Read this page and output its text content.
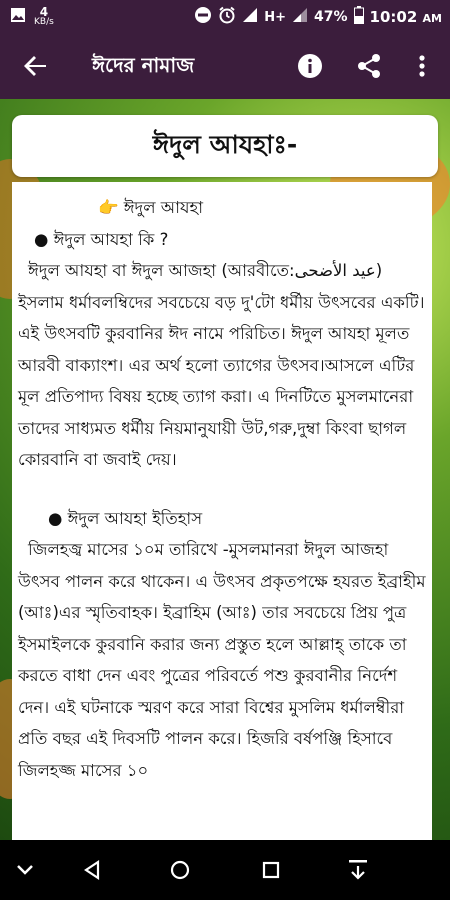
4
KB/s	H+ 47% 10:02 AM
ঈদের নামাজ
ঈদুল আযহাঃ-

👉 ঈদুল আযহা

● ঈদুল আযহা কি ?

ঈদুল আযহা বা ঈদুল আজহা (আরবীতে:عيد الأضحى) ইসলাম ধর্মাবলম্বিদের সবচেয়ে বড় দু'টো ধর্মীয় উৎসবের একটি। এই উৎসবটি কুরবানির ঈদ নামে পরিচিত। ঈদুল আযহা মূলত আরবী বাক্যাংশ। এর অর্থ হলো ত্যাগের উৎসব।আসলে এটির মূল প্রতিপাদ্য বিষয় হচ্ছে ত্যাগ করা। এ দিনটিতে মুসলমানেরা তাদের সাধ্যমত ধর্মীয় নিয়মানুযায়ী উট,গরু,দুম্বা কিংবা ছাগল কোরবানি বা জবাই দেয়।

● ঈদুল আযহা ইতিহাস

জিলহজ্ব মাসের ১০ম তারিখে -মুসলমানরা ঈদুল আজহা উৎসব পালন করে থাকেন। এ উৎসব প্রকৃতপক্ষে হযরত ইব্রাহীম (আঃ)এর স্মৃতিবাহক। ইব্রাহিম (আঃ) তার সবচেয়ে প্রিয় পুত্র ইসমাইলকে কুরবানি করার জন্য প্রস্তুত হলে আল্লাহ্ তাকে তা করতে বাধা দেন এবং পুত্রের পরিবর্তে পশু কুরবানীর নির্দেশ দেন। এই ঘটনাকে স্মরণ করে সারা বিশ্বের মুসলিম ধর্মালম্বীরা প্রতি বছর এই দিবসটি পালন করে। হিজরি বর্ষপঞ্জি হিসাবে জিলহজ্জ মাসের ১০
